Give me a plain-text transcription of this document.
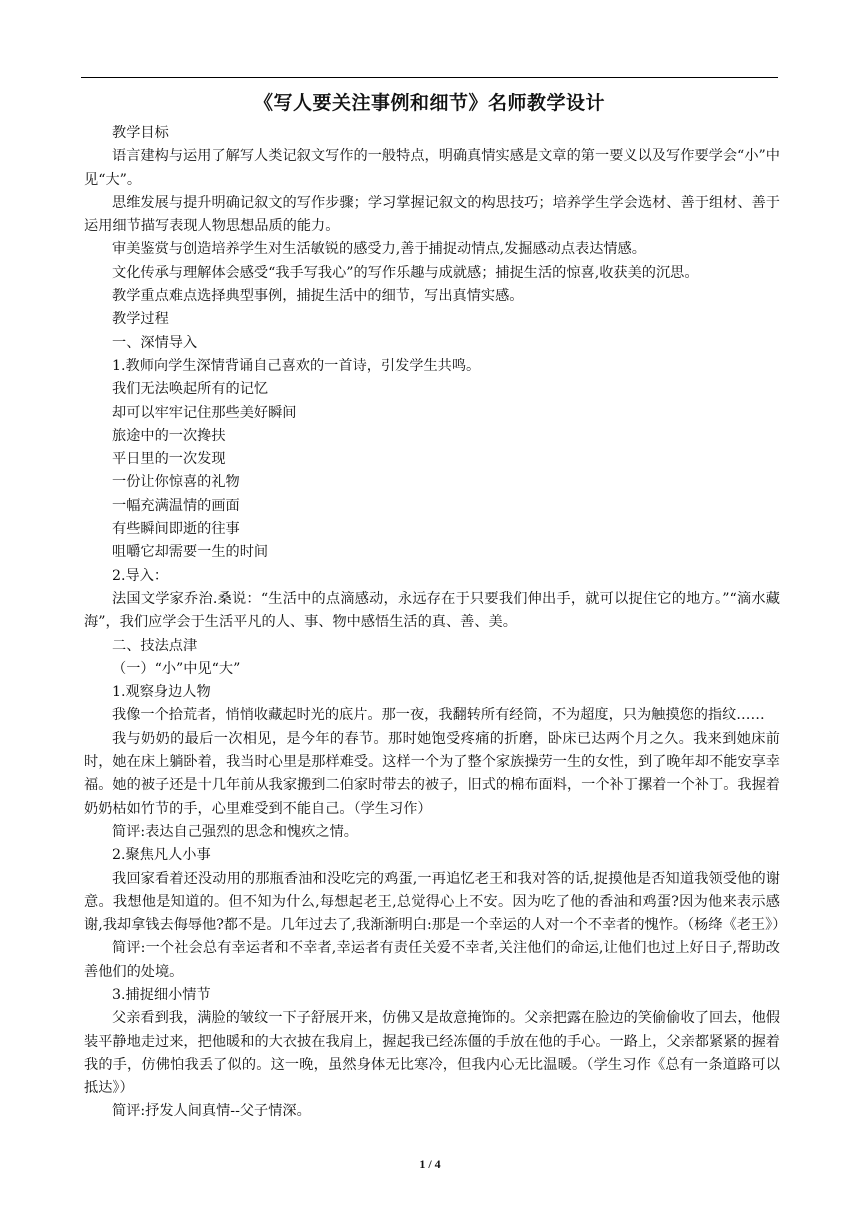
《写人要关注事例和细节》名师教学设计

教学目标

语言建构与运用了解写人类记叙文写作的一般特点，明确真情实感是文章的第一要义以及写作要学会“小”中见“大”。

思维发展与提升明确记叙文的写作步骤；学习掌握记叙文的构思技巧；培养学生学会选材、善于组材、善于运用细节描写表现人物思想品质的能力。

审美鉴赏与创造培养学生对生活敏锐的感受力,善于捕捉动情点,发掘感动点表达情感。

文化传承与理解体会感受“我手写我心”的写作乐趣与成就感；捕捉生活的惊喜,收获美的沉思。

教学重点难点选择典型事例，捕捉生活中的细节，写出真情实感。

教学过程

一、深情导入

1.教师向学生深情背诵自己喜欢的一首诗，引发学生共鸣。

我们无法唤起所有的记忆

却可以牢牢记住那些美好瞬间

旅途中的一次搀扶

平日里的一次发现

一份让你惊喜的礼物

一幅充满温情的画面

有些瞬间即逝的往事

咀嚼它却需要一生的时间

2.导入：

法国文学家乔治.桑说：“生活中的点滴感动，永远存在于只要我们伸出手，就可以捉住它的地方。”“滴水藏海”，我们应学会于生活平凡的人、事、物中感悟生活的真、善、美。

二、技法点津

（一）“小”中见“大”

1.观察身边人物

我像一个拾荒者，悄悄收藏起时光的底片。那一夜，我翻转所有经筒，不为超度，只为触摸您的指纹……

我与奶奶的最后一次相见，是今年的春节。那时她饱受疼痛的折磨，卧床已达两个月之久。我来到她床前时，她在床上躺卧着，我当时心里是那样难受。这样一个为了整个家族操劳一生的女性，到了晚年却不能安享幸福。她的被子还是十几年前从我家搬到二伯家时带去的被子，旧式的棉布面料，一个补丁摞着一个补丁。我握着奶奶枯如竹节的手，心里难受到不能自己。（学生习作）

简评:表达自己强烈的思念和愧疚之情。

2.聚焦凡人小事

我回家看着还没动用的那瓶香油和没吃完的鸡蛋,一再追忆老王和我对答的话,捉摸他是否知道我领受他的谢意。我想他是知道的。但不知为什么,每想起老王,总觉得心上不安。因为吃了他的香油和鸡蛋?因为他来表示感谢,我却拿钱去侮辱他?都不是。几年过去了,我渐渐明白:那是一个幸运的人对一个不幸者的愧怍。（杨绛《老王》）

简评:一个社会总有幸运者和不幸者,幸运者有责任关爱不幸者,关注他们的命运,让他们也过上好日子,帮助改善他们的处境。

3.捕捉细小情节

父亲看到我，满脸的皱纹一下子舒展开来，仿佛又是故意掩饰的。父亲把露在脸边的笑偷偷收了回去，他假装平静地走过来，把他暖和的大衣披在我肩上，握起我已经冻僵的手放在他的手心。一路上，父亲都紧紧的握着我的手，仿佛怕我丢了似的。这一晚，虽然身体无比寒冷，但我内心无比温暖。（学生习作《总有一条道路可以抵达》）

简评:抒发人间真情--父子情深。

1 / 4
